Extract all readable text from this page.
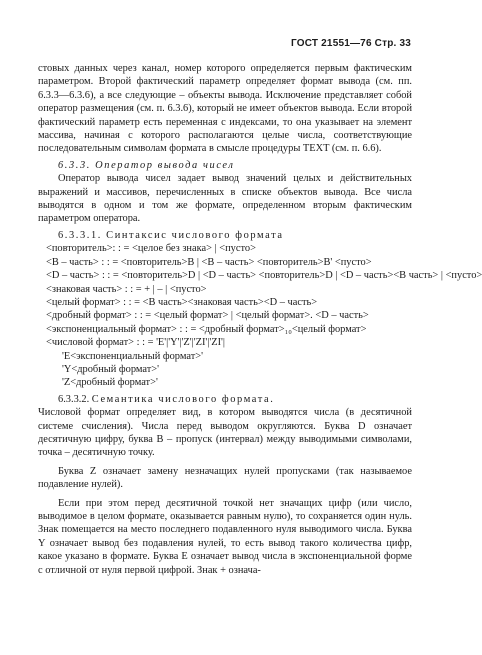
ГОСТ 21551—76 Стр. 33

стовых данных через канал, номер которого определяется первым фактическим параметром. Второй фактический параметр определяет формат вывода (см. пп. 6.3.3—6.3.6), а все следующие – объекты вывода. Исключение представляет собой оператор размещения (см. п. 6.3.6), который не имеет объектов вывода. Если второй фактический параметр есть переменная с индексами, то она указывает на элемент массива, начиная с которого располагаются целые числа, соответствующие последовательным символам формата в смысле процедуры TEXT (см. п. 6.6).

6.3.3. Оператор вывода чисел

Оператор вывода чисел задает вывод значений целых и действительных выражений и массивов, перечисленных в списке объектов вывода. Все числа выводятся в одном и том же формате, определенном вторым фактическим параметром оператора.

6.3.3.1. Синтаксис числового формата

<повторитель>: : = <целое без знака> | <пусто>
<B – часть> : : = <повторитель>B | <B – часть> <повторитель>B' <пусто>
<D – часть> : : = <повторитель>D | <D – часть> <повторитель>D | <D – часть><B часть> | <пусто>
<знаковая часть> : : = + | – | <пусто>
<целый формат> : : = <B часть><знаковая часть><D – часть>
<дробный формат> : : = <целый формат> | <целый формат>. <D – часть>
<экспоненциальный формат> : : = <дробный формат>₁₀<целый формат>
<числовой формат> : : = 'E'|'Y'|'Z'|'ZI'|'ZI'|
'E<экспоненциальный формат>'
'Y<дробный формат>'
'Z<дробный формат>'

6.3.3.2. Семантика числового формата.

Числовой формат определяет вид, в котором выводятся числа (в десятичной системе счисления). Числа перед выводом округляются. Буква D означает десятичную цифру, буква B – пропуск (интервал) между выводимыми символами, точка – десятичную точку.

Буква Z означает замену незначащих нулей пропусками (так называемое подавление нулей).

Если при этом перед десятичной точкой нет значащих цифр (или число, выводимое в целом формате, оказывается равным нулю), то сохраняется один нуль. Знак помещается на место последнего подавленного нуля выводимого числа. Буква Y означает вывод без подавления нулей, то есть вывод такого количества цифр, какое указано в формате. Буква E означает вывод числа в экспоненциальной форме с отличной от нуля первой цифрой. Знак + означа-
